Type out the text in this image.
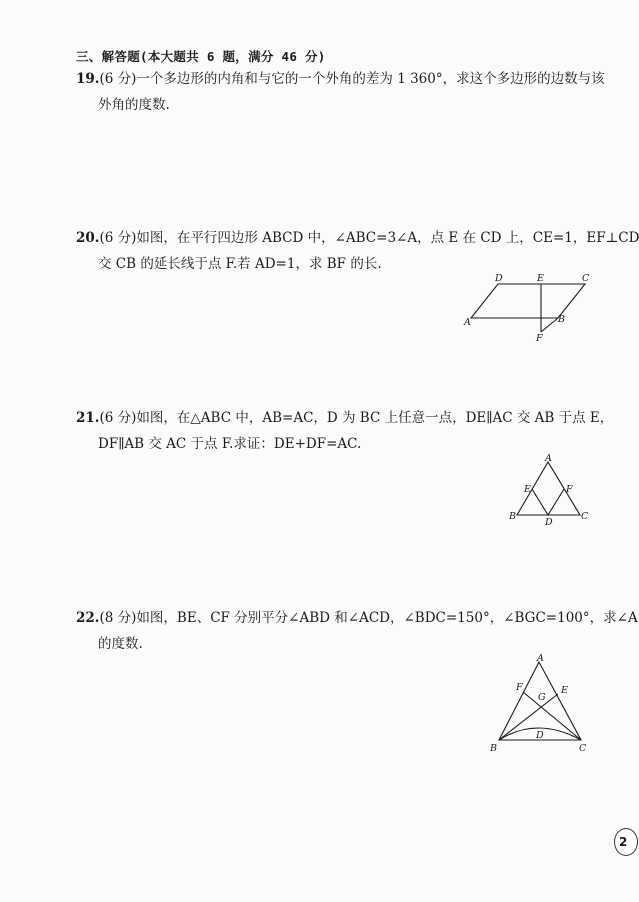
三、解答题(本大题共 6 题，满分 46 分)
19.(6 分)一个多边形的内角和与它的一个外角的差为 1 360°，求这个多边形的边数与该
外角的度数.
20.(6 分)如图，在平行四边形 ABCD 中，∠ABC=3∠A，点 E 在 CD 上，CE=1，EF⊥CD
交 CB 的延长线于点 F.若 AD=1，求 BF 的长.
D	E	C
A	B
F
21.(6 分)如图，在△ABC 中，AB=AC，D 为 BC 上任意一点，DE∥AC 交 AB 于点 E，
DF∥AB 交 AC 于点 F.求证：DE+DF=AC.
A
E	F
B
D
C
22.(8 分)如图，BE、CF 分别平分∠ABD 和∠ACD，∠BDC=150°，∠BGC=100°，求∠A
的度数.
A
F
G
E
D
B	C
2
